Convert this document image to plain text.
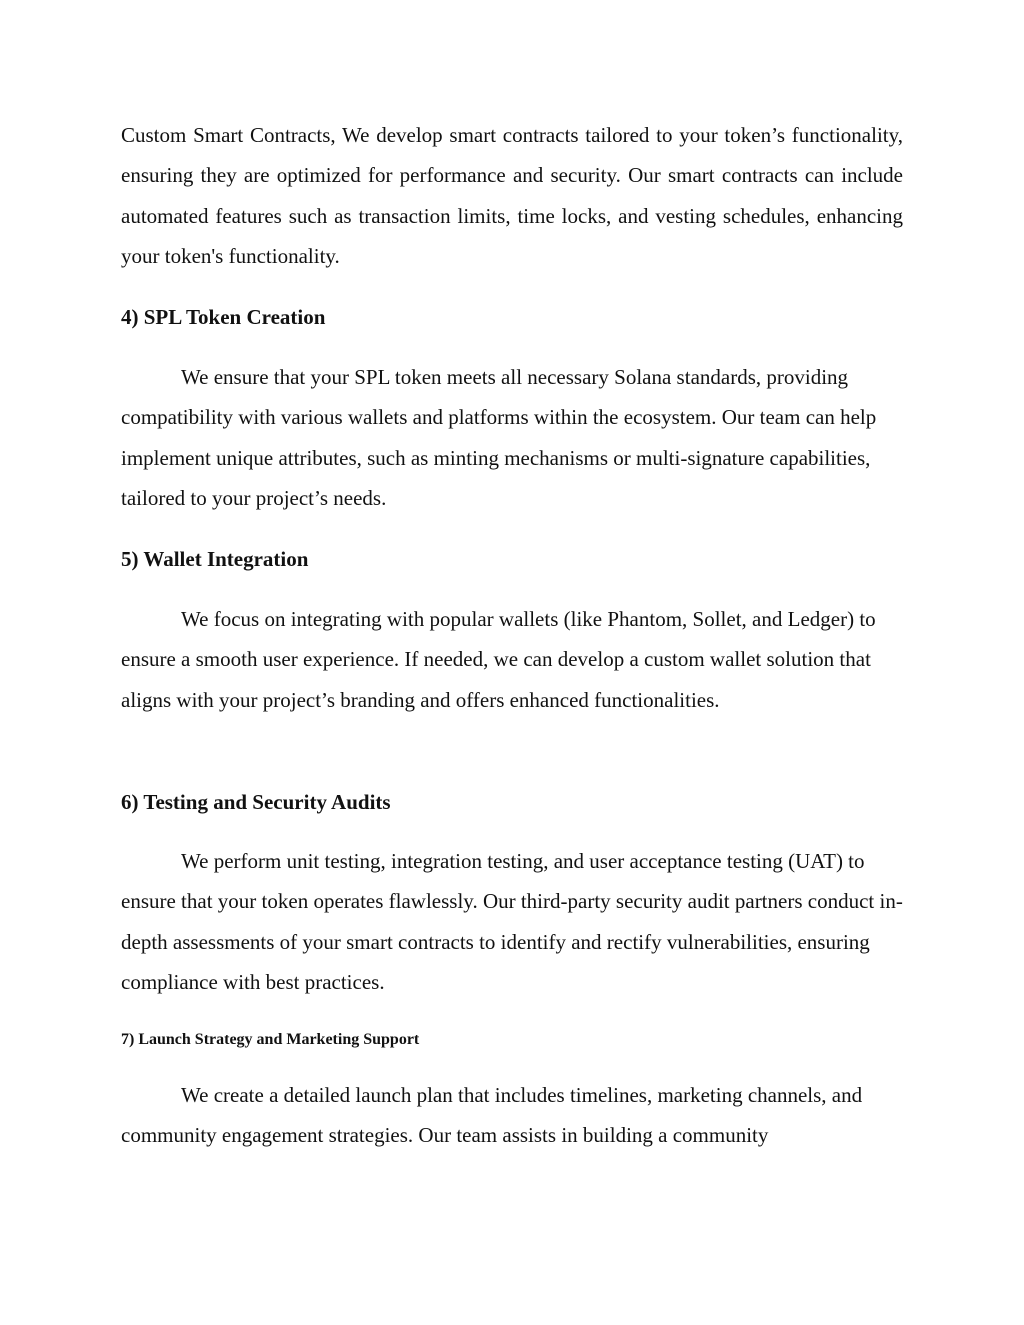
Custom Smart Contracts, We develop smart contracts tailored to your token’s functionality, ensuring they are optimized for performance and security. Our smart contracts can include automated features such as transaction limits, time locks, and vesting schedules, enhancing your token's functionality.

4) SPL Token Creation

We ensure that your SPL token meets all necessary Solana standards, providing compatibility with various wallets and platforms within the ecosystem. Our team can help implement unique attributes, such as minting mechanisms or multi-signature capabilities, tailored to your project’s needs.

5) Wallet Integration

We focus on integrating with popular wallets (like Phantom, Sollet, and Ledger) to ensure a smooth user experience. If needed, we can develop a custom wallet solution that aligns with your project’s branding and offers enhanced functionalities.

6) Testing and Security Audits

We perform unit testing, integration testing, and user acceptance testing (UAT) to ensure that your token operates flawlessly. Our third-party security audit partners conduct in-depth assessments of your smart contracts to identify and rectify vulnerabilities, ensuring compliance with best practices.

7) Launch Strategy and Marketing Support

We create a detailed launch plan that includes timelines, marketing channels, and community engagement strategies. Our team assists in building a community
